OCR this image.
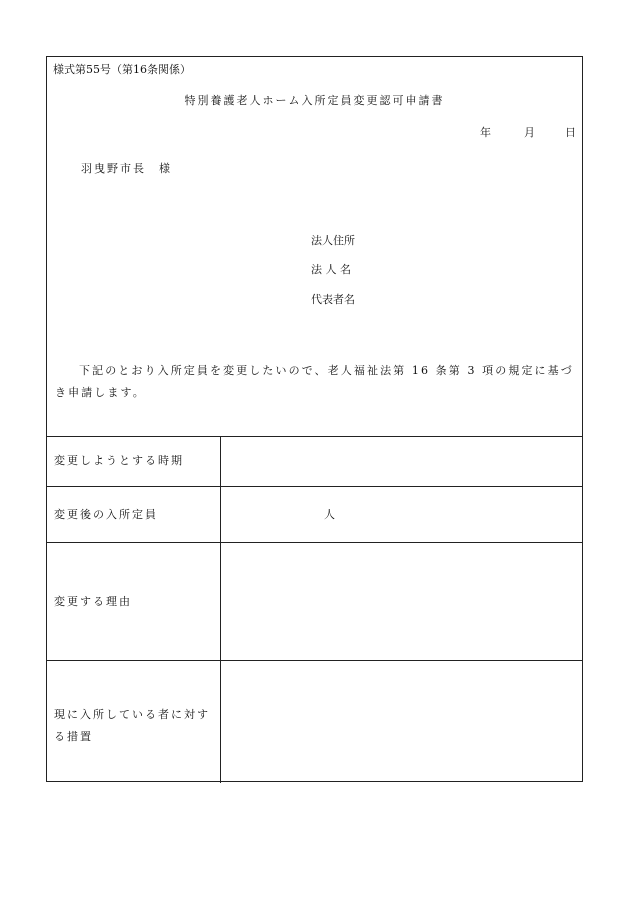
様式第55号（第16条関係）
特別養護老人ホーム入所定員変更認可申請書
年	月	日
羽曳野市長　様
法人住所
法 人 名
代表者名
下記のとおり入所定員を変更したいので、老人福祉法第 16 条第 3 項の規定に基づき申請します。
変更しようとする時期
変更後の入所定員	人
変更する理由
現に入所している者に対する措置
